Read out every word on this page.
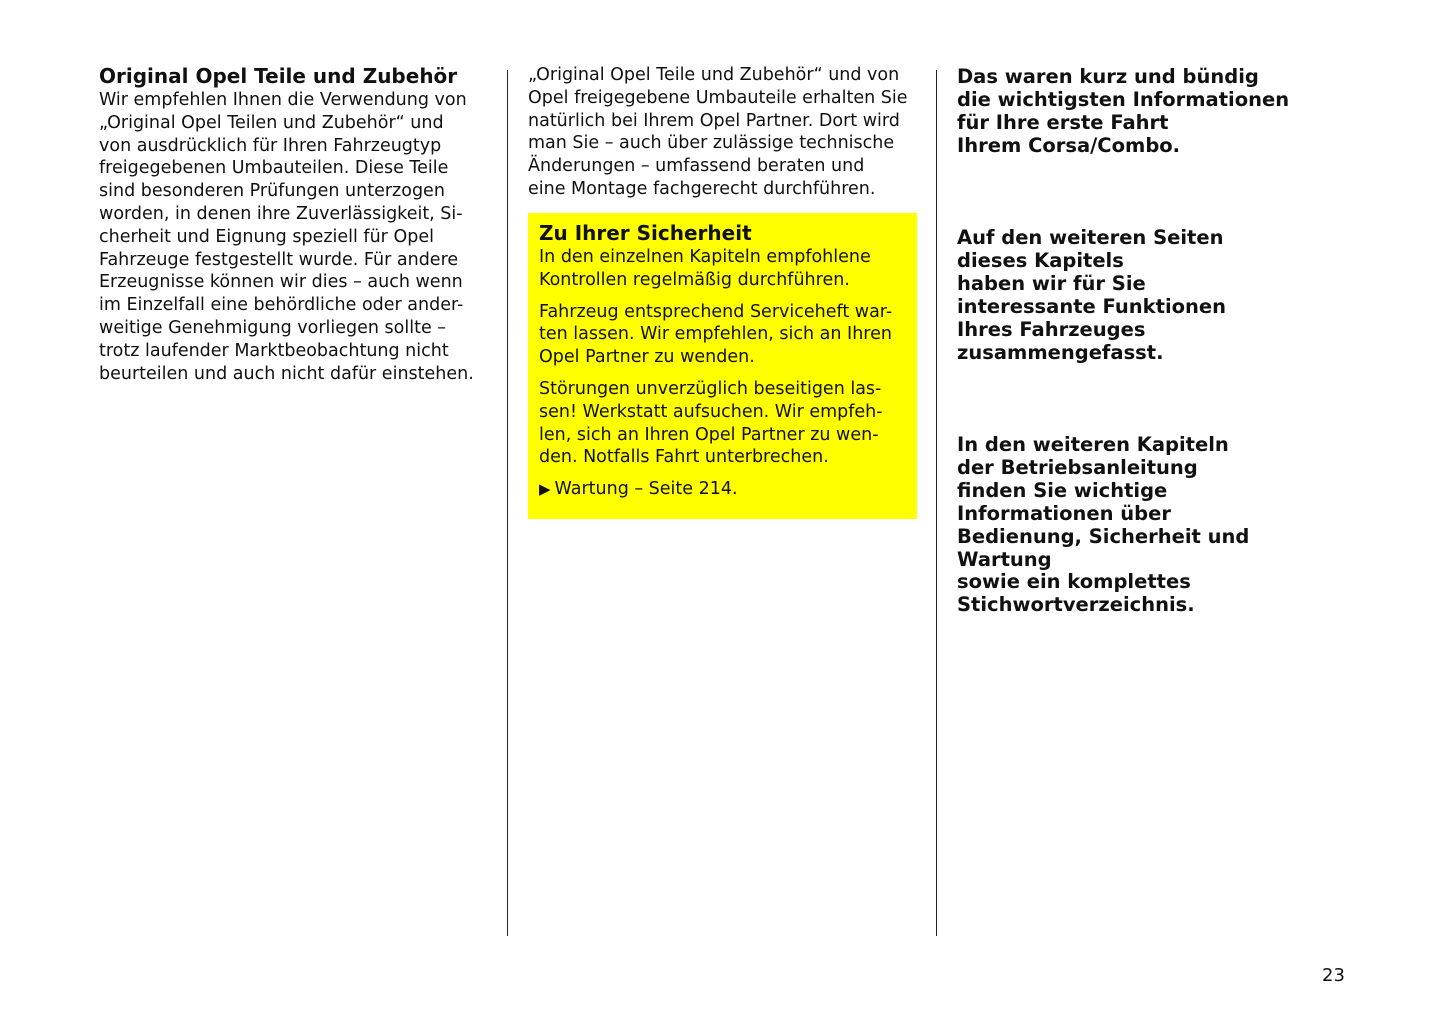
Original Opel Teile und Zubehör
Wir empfehlen Ihnen die Verwendung von
„Original Opel Teilen und Zubehör“ und
von ausdrücklich für Ihren Fahrzeugtyp
freigegebenen Umbauteilen. Diese Teile
sind besonderen Prüfungen unterzogen
worden, in denen ihre Zuverlässigkeit, Si-
cherheit und Eignung speziell für Opel
Fahrzeuge festgestellt wurde. Für andere
Erzeugnisse können wir dies – auch wenn
im Einzelfall eine behördliche oder ander-
weitige Genehmigung vorliegen sollte –
trotz laufender Marktbeobachtung nicht
beurteilen und auch nicht dafür einstehen.
„Original Opel Teile und Zubehör“ und von
Opel freigegebene Umbauteile erhalten Sie
natürlich bei Ihrem Opel Partner. Dort wird
man Sie – auch über zulässige technische
Änderungen – umfassend beraten und
eine Montage fachgerecht durchführen.
Zu Ihrer Sicherheit
In den einzelnen Kapiteln empfohlene
Kontrollen regelmäßig durchführen.
Fahrzeug entsprechend Serviceheft war-
ten lassen. Wir empfehlen, sich an Ihren
Opel Partner zu wenden.
Störungen unverzüglich beseitigen las-
sen! Werkstatt aufsuchen. Wir empfeh-
len, sich an Ihren Opel Partner zu wen-
den. Notfalls Fahrt unterbrechen.
▶ Wartung – Seite 214.
Das waren kurz und bündig
die wichtigsten Informationen
für Ihre erste Fahrt
Ihrem Corsa/Combo.
Auf den weiteren Seiten
dieses Kapitels
haben wir für Sie
interessante Funktionen
Ihres Fahrzeuges
zusammengefasst.
In den weiteren Kapiteln
der Betriebsanleitung
finden Sie wichtige
Informationen über
Bedienung, Sicherheit und
Wartung
sowie ein komplettes
Stichwortverzeichnis.
23
